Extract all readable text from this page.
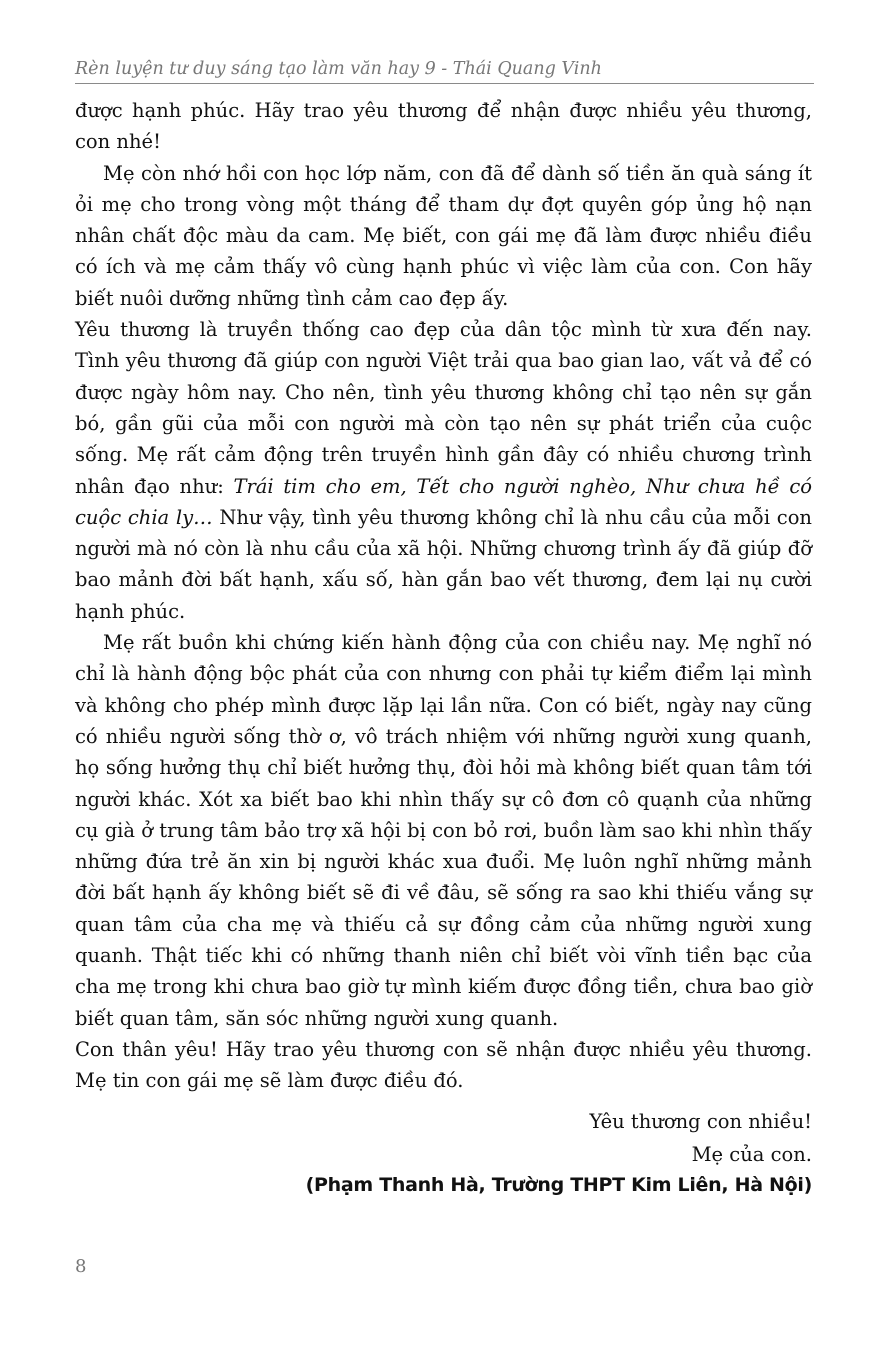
Rèn luyện tư duy sáng tạo làm văn hay 9 - Thái Quang Vinh

được hạnh phúc. Hãy trao yêu thương để nhận được nhiều yêu thương, con nhé!

Mẹ còn nhớ hồi con học lớp năm, con đã để dành số tiền ăn quà sáng ít ỏi mẹ cho trong vòng một tháng để tham dự đợt quyên góp ủng hộ nạn nhân chất độc màu da cam. Mẹ biết, con gái mẹ đã làm được nhiều điều có ích và mẹ cảm thấy vô cùng hạnh phúc vì việc làm của con. Con hãy biết nuôi dưỡng những tình cảm cao đẹp ấy.

Yêu thương là truyền thống cao đẹp của dân tộc mình từ xưa đến nay. Tình yêu thương đã giúp con người Việt trải qua bao gian lao, vất vả để có được ngày hôm nay. Cho nên, tình yêu thương không chỉ tạo nên sự gắn bó, gần gũi của mỗi con người mà còn tạo nên sự phát triển của cuộc sống. Mẹ rất cảm động trên truyền hình gần đây có nhiều chương trình nhân đạo như: Trái tim cho em, Tết cho người nghèo, Như chưa hề có cuộc chia ly… Như vậy, tình yêu thương không chỉ là nhu cầu của mỗi con người mà nó còn là nhu cầu của xã hội. Những chương trình ấy đã giúp đỡ bao mảnh đời bất hạnh, xấu số, hàn gắn bao vết thương, đem lại nụ cười hạnh phúc.

Mẹ rất buồn khi chứng kiến hành động của con chiều nay. Mẹ nghĩ nó chỉ là hành động bộc phát của con nhưng con phải tự kiểm điểm lại mình và không cho phép mình được lặp lại lần nữa. Con có biết, ngày nay cũng có nhiều người sống thờ ơ, vô trách nhiệm với những người xung quanh, họ sống hưởng thụ chỉ biết hưởng thụ, đòi hỏi mà không biết quan tâm tới người khác. Xót xa biết bao khi nhìn thấy sự cô đơn cô quạnh của những cụ già ở trung tâm bảo trợ xã hội bị con bỏ rơi, buồn làm sao khi nhìn thấy những đứa trẻ ăn xin bị người khác xua đuổi. Mẹ luôn nghĩ những mảnh đời bất hạnh ấy không biết sẽ đi về đâu, sẽ sống ra sao khi thiếu vắng sự quan tâm của cha mẹ và thiếu cả sự đồng cảm của những người xung quanh. Thật tiếc khi có những thanh niên chỉ biết vòi vĩnh tiền bạc của cha mẹ trong khi chưa bao giờ tự mình kiếm được đồng tiền, chưa bao giờ biết quan tâm, săn sóc những người xung quanh.

Con thân yêu! Hãy trao yêu thương con sẽ nhận được nhiều yêu thương. Mẹ tin con gái mẹ sẽ làm được điều đó.

Yêu thương con nhiều!
Mẹ của con.
(Phạm Thanh Hà, Trường THPT Kim Liên, Hà Nội)
8
